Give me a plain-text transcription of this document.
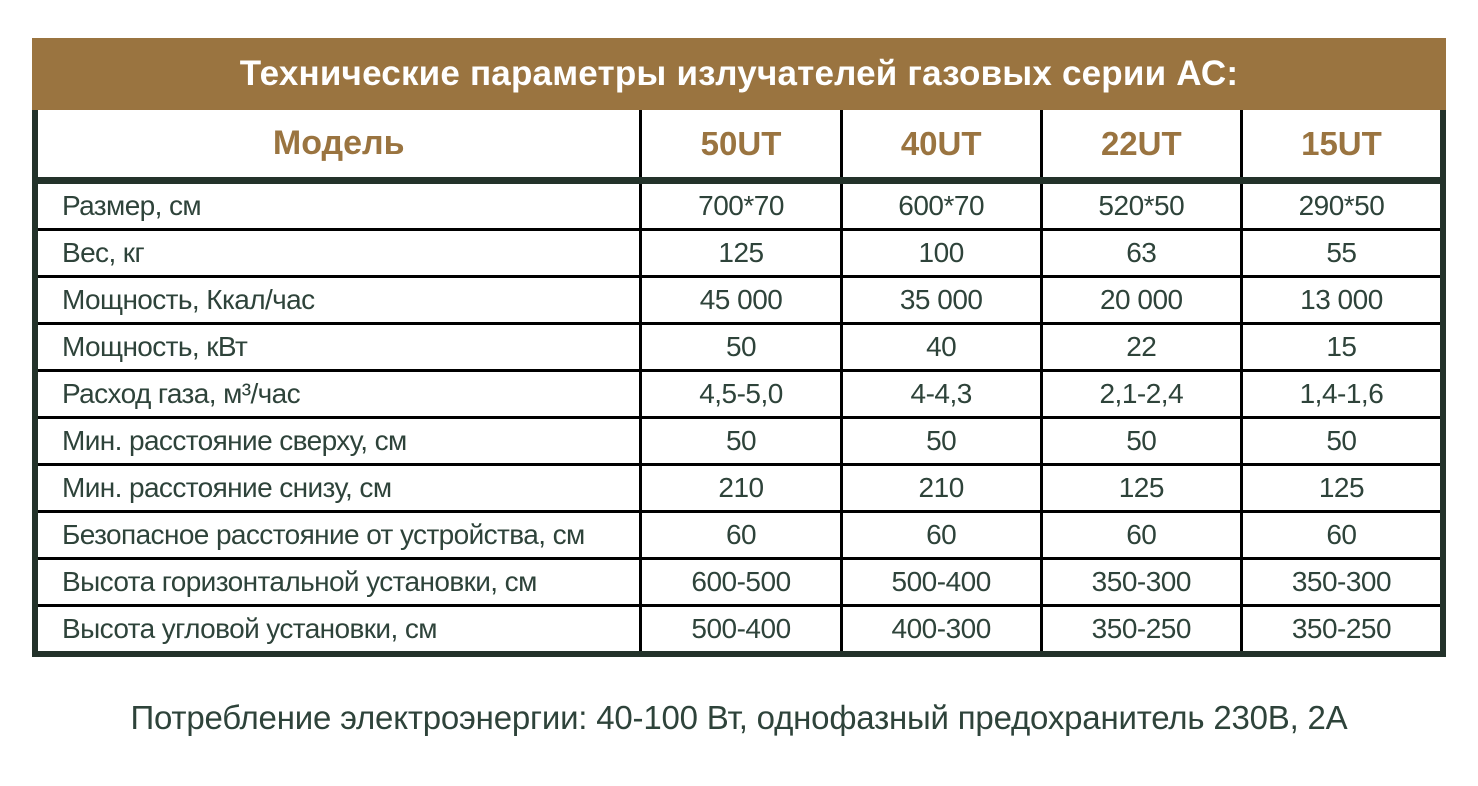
Технические параметры излучателей газовых серии АС:
Модель	50UT	40UT	22UT	15UT
Размер, см	700*70	600*70	520*50	290*50
Вес, кг	125	100	63	55
Мощность, Ккал/час	45 000	35 000	20 000	13 000
Мощность, кВт	50	40	22	15
Расход газа, м³/час	4,5-5,0	4-4,3	2,1-2,4	1,4-1,6
Мин. расстояние сверху, см	50	50	50	50
Мин. расстояние снизу, см	210	210	125	125
Безопасное расстояние от устройства, см	60	60	60	60
Высота горизонтальной установки, см	600-500	500-400	350-300	350-300
Высота угловой установки, см	500-400	400-300	350-250	350-250
Потребление электроэнергии: 40-100 Вт, однофазный предохранитель 230В, 2А
